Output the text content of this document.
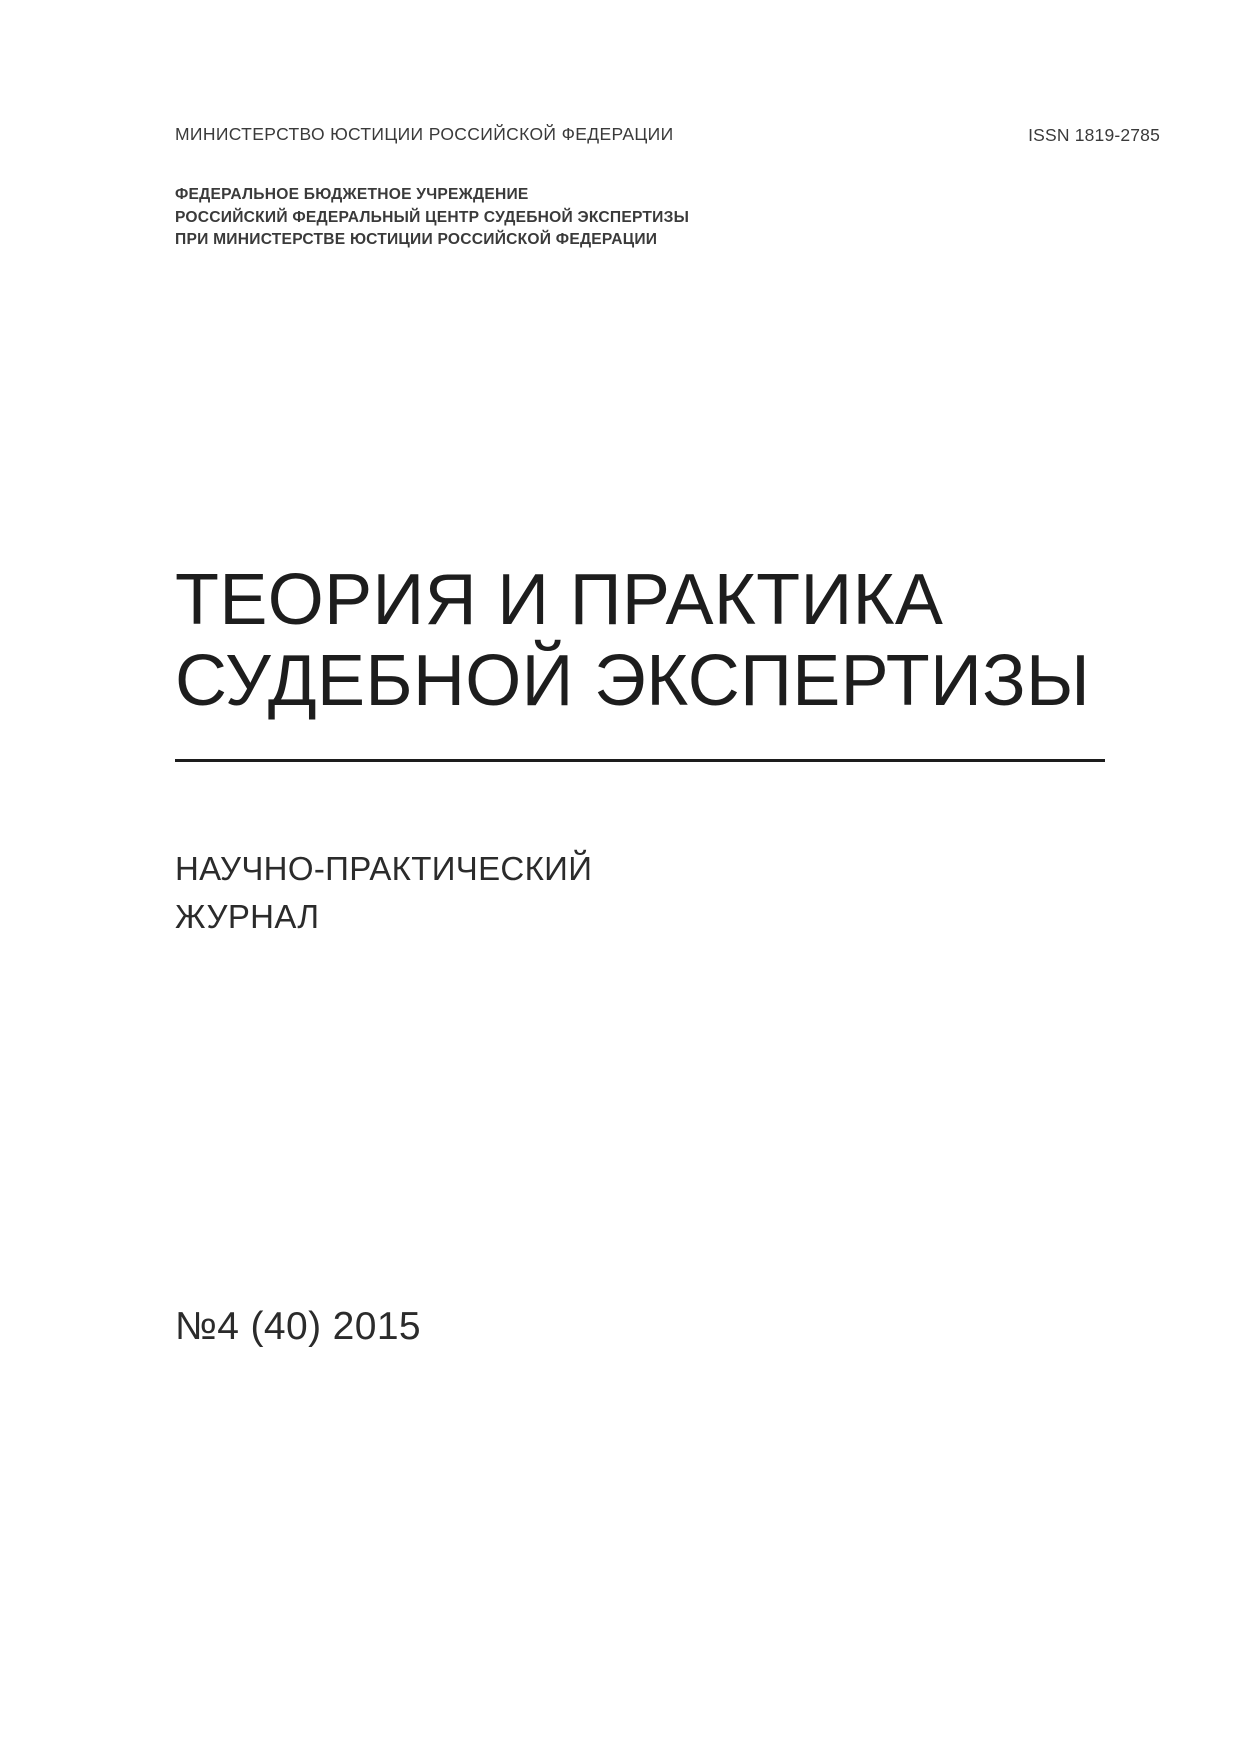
МИНИСТЕРСТВО ЮСТИЦИИ РОССИЙСКОЙ ФЕДЕРАЦИИ	ISSN 1819-2785
ФЕДЕРАЛЬНОЕ БЮДЖЕТНОЕ УЧРЕЖДЕНИЕ
РОССИЙСКИЙ ФЕДЕРАЛЬНЫЙ ЦЕНТР СУДЕБНОЙ ЭКСПЕРТИЗЫ
ПРИ МИНИСТЕРСТВЕ ЮСТИЦИИ РОССИЙСКОЙ ФЕДЕРАЦИИ
ТЕОРИЯ И ПРАКТИКА
СУДЕБНОЙ ЭКСПЕРТИЗЫ
НАУЧНО-ПРАКТИЧЕСКИЙ
ЖУРНАЛ
№4 (40) 2015
